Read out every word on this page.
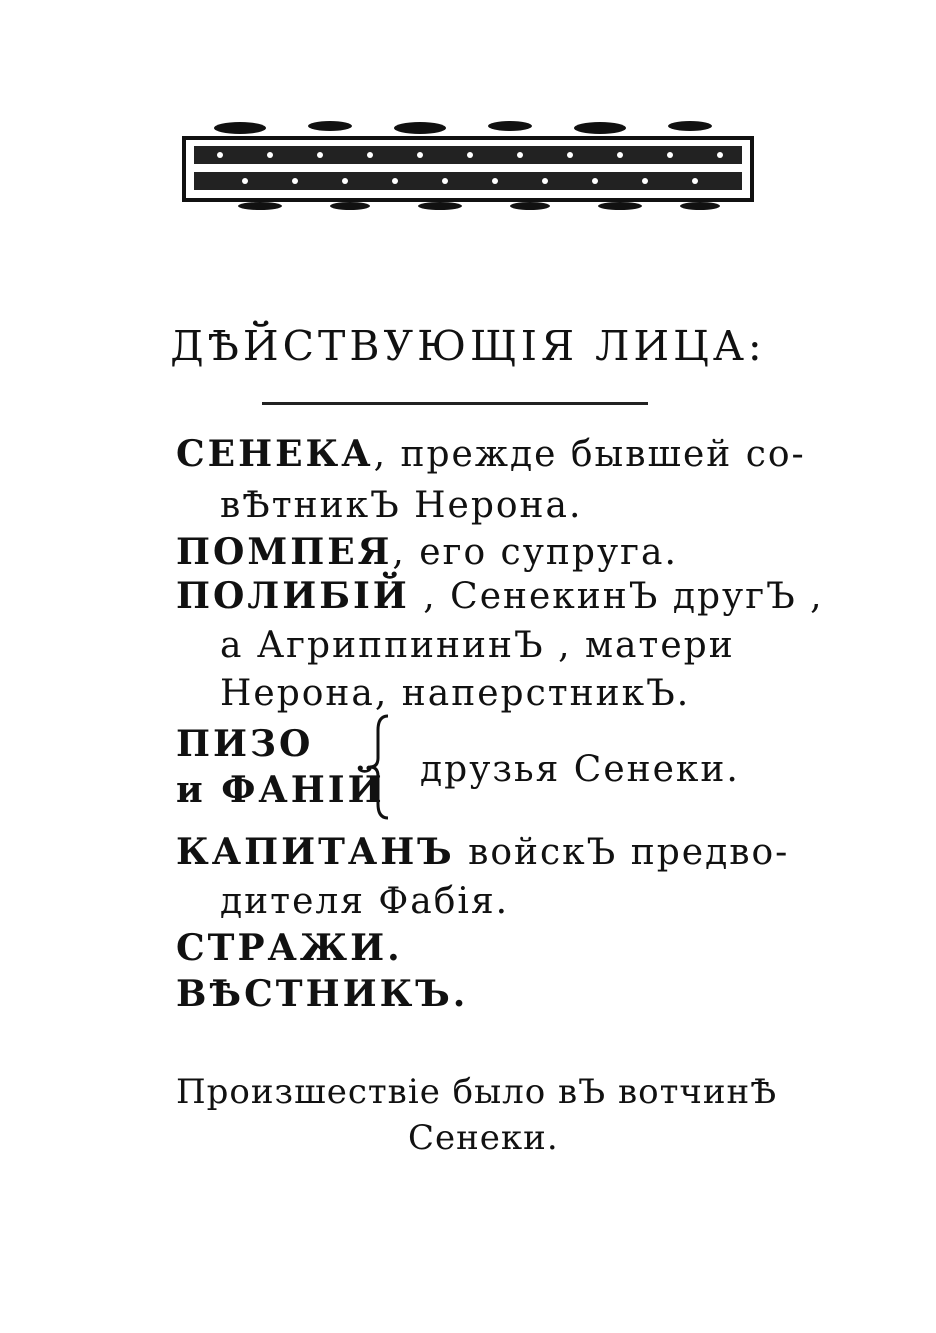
ДѢЙСТВУЮЩІЯ ЛИЦА:
СЕНЕКА, прежде бывшей со-
вѢтникЪ Нерона.
ПОМПЕЯ, его супруга.
ПОЛИБІЙ , СенекинЪ другЪ ,
а АгриппининЪ , матери
Нерона, наперстникЪ.
ПИЗО
и ФАНІЙ друзья Сенеки.
КАПИТАНЪ войскЪ предво-
дителя Фабія.
СТРАЖИ.
ВѢСТНИКЪ.
Произшествіе было вЪ вотчинѢ
Сенеки.
